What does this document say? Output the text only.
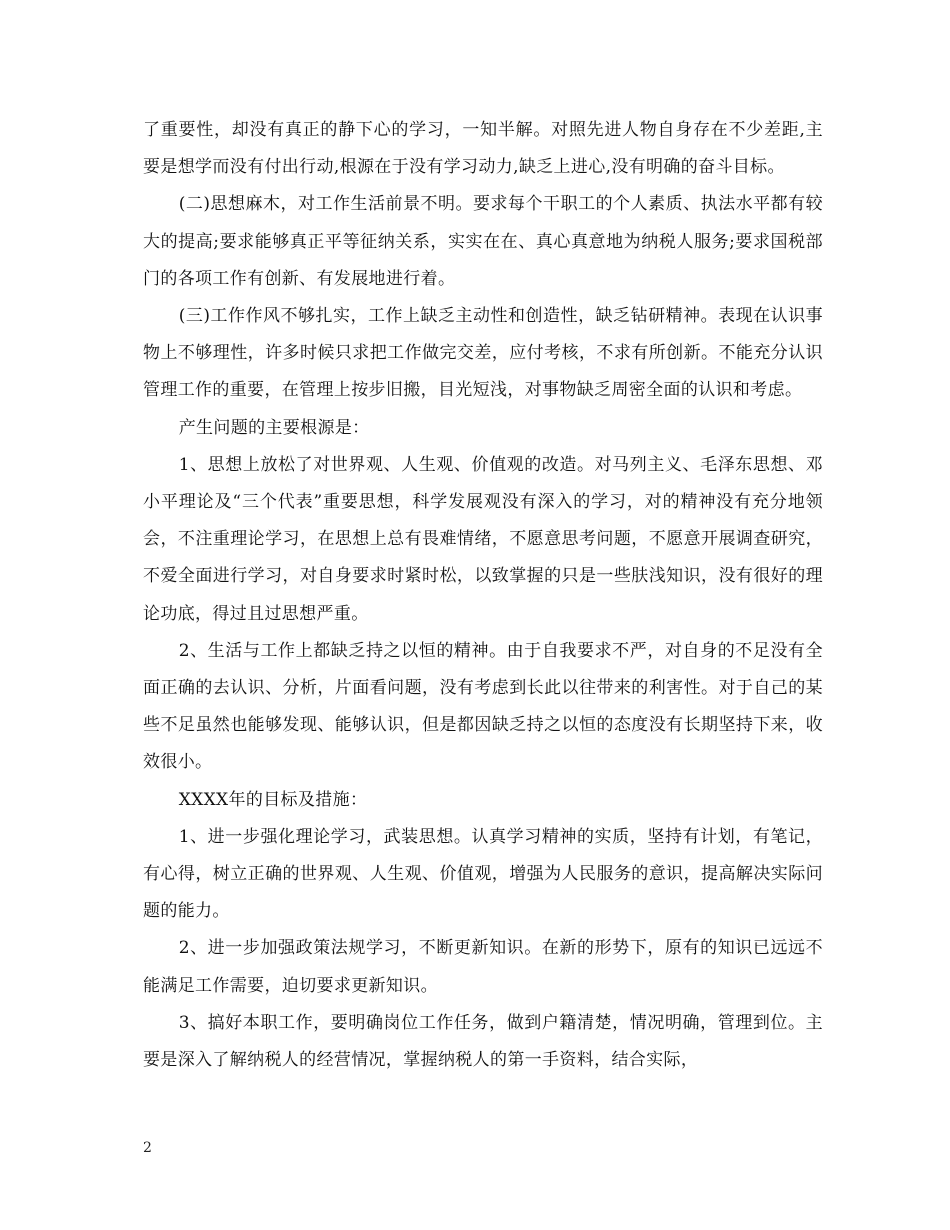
了重要性，却没有真正的静下心的学习，一知半解。对照先进人物自身存在不少差距,主要是想学而没有付出行动,根源在于没有学习动力,缺乏上进心,没有明确的奋斗目标。

(二)思想麻木，对工作生活前景不明。要求每个干职工的个人素质、执法水平都有较大的提高;要求能够真正平等征纳关系，实实在在、真心真意地为纳税人服务;要求国税部门的各项工作有创新、有发展地进行着。

(三)工作作风不够扎实，工作上缺乏主动性和创造性，缺乏钻研精神。表现在认识事物上不够理性，许多时候只求把工作做完交差，应付考核，不求有所创新。不能充分认识管理工作的重要，在管理上按步旧搬，目光短浅，对事物缺乏周密全面的认识和考虑。

产生问题的主要根源是：

1、思想上放松了对世界观、人生观、价值观的改造。对马列主义、毛泽东思想、邓小平理论及“三个代表”重要思想，科学发展观没有深入的学习，对的精神没有充分地领会，不注重理论学习，在思想上总有畏难情绪，不愿意思考问题，不愿意开展调查研究，不爱全面进行学习，对自身要求时紧时松，以致掌握的只是一些肤浅知识，没有很好的理论功底，得过且过思想严重。

2、生活与工作上都缺乏持之以恒的精神。由于自我要求不严，对自身的不足没有全面正确的去认识、分析，片面看问题，没有考虑到长此以往带来的利害性。对于自己的某些不足虽然也能够发现、能够认识，但是都因缺乏持之以恒的态度没有长期坚持下来，收效很小。

XXXX年的目标及措施：

1、进一步强化理论学习，武装思想。认真学习精神的实质，坚持有计划，有笔记，有心得，树立正确的世界观、人生观、价值观，增强为人民服务的意识，提高解决实际问题的能力。

2、进一步加强政策法规学习，不断更新知识。在新的形势下，原有的知识已远远不能满足工作需要，迫切要求更新知识。

3、搞好本职工作，要明确岗位工作任务，做到户籍清楚，情况明确，管理到位。主要是深入了解纳税人的经营情况，掌握纳税人的第一手资料，结合实际，

2
